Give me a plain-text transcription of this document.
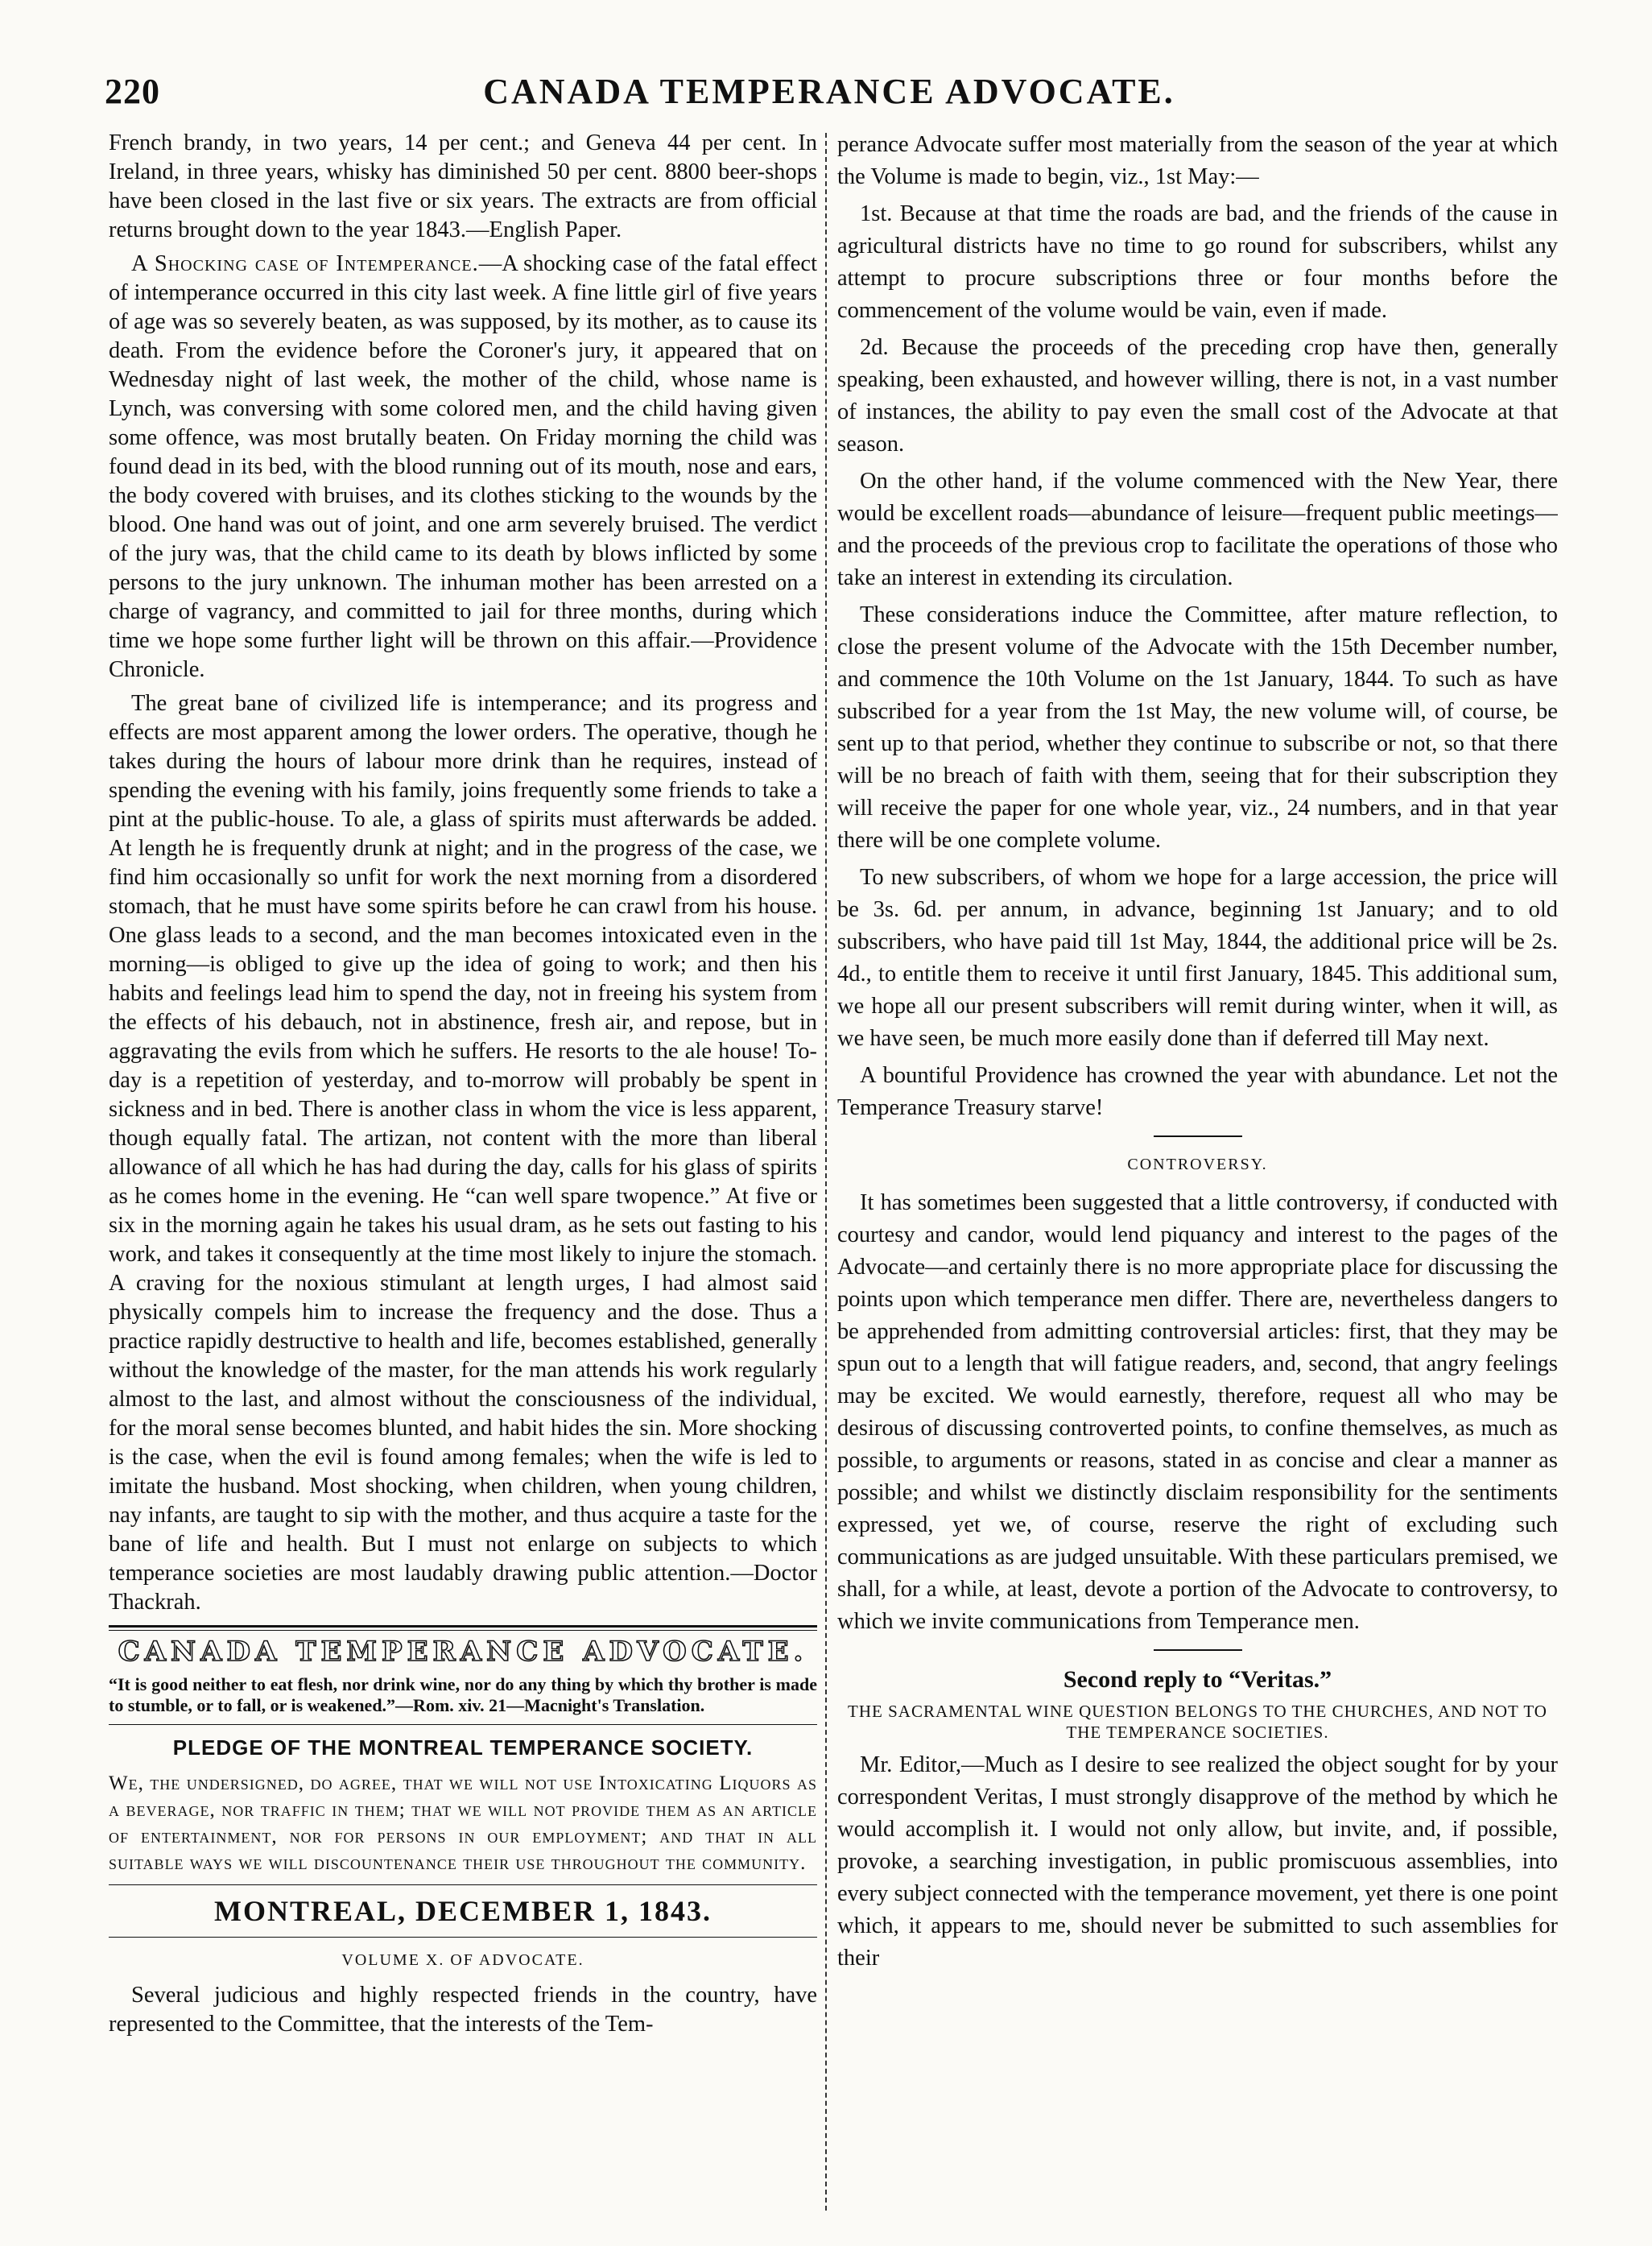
220	CANADA TEMPERANCE ADVOCATE.

French brandy, in two years, 14 per cent.; and Geneva 44 per cent. In Ireland, in three years, whisky has diminished 50 per cent. 8800 beer-shops have been closed in the last five or six years. The extracts are from official returns brought down to the year 1843.—English Paper.

A Shocking case of Intemperance.—A shocking case of the fatal effect of intemperance occurred in this city last week. A fine little girl of five years of age was so severely beaten, as was supposed, by its mother, as to cause its death. From the evidence before the Coroner's jury, it appeared that on Wednesday night of last week, the mother of the child, whose name is Lynch, was conversing with some colored men, and the child having given some offence, was most brutally beaten. On Friday morning the child was found dead in its bed, with the blood running out of its mouth, nose and ears, the body covered with bruises, and its clothes sticking to the wounds by the blood. One hand was out of joint, and one arm severely bruised. The verdict of the jury was, that the child came to its death by blows inflicted by some persons to the jury unknown. The inhuman mother has been arrested on a charge of vagrancy, and committed to jail for three months, during which time we hope some further light will be thrown on this affair.—Providence Chronicle.

The great bane of civilized life is intemperance; and its progress and effects are most apparent among the lower orders. The operative, though he takes during the hours of labour more drink than he requires, instead of spending the evening with his family, joins frequently some friends to take a pint at the public-house. To ale, a glass of spirits must afterwards be added. At length he is frequently drunk at night; and in the progress of the case, we find him occasionally so unfit for work the next morning from a disordered stomach, that he must have some spirits before he can crawl from his house. One glass leads to a second, and the man becomes intoxicated even in the morning—is obliged to give up the idea of going to work; and then his habits and feelings lead him to spend the day, not in freeing his system from the effects of his debauch, not in abstinence, fresh air, and repose, but in aggravating the evils from which he suffers. He resorts to the ale house! To-day is a repetition of yesterday, and to-morrow will probably be spent in sickness and in bed. There is another class in whom the vice is less apparent, though equally fatal. The artizan, not content with the more than liberal allowance of all which he has had during the day, calls for his glass of spirits as he comes home in the evening. He “can well spare twopence.” At five or six in the morning again he takes his usual dram, as he sets out fasting to his work, and takes it consequently at the time most likely to injure the stomach. A craving for the noxious stimulant at length urges, I had almost said physically compels him to increase the frequency and the dose. Thus a practice rapidly destructive to health and life, becomes established, generally without the knowledge of the master, for the man attends his work regularly almost to the last, and almost without the consciousness of the individual, for the moral sense becomes blunted, and habit hides the sin. More shocking is the case, when the evil is found among females; when the wife is led to imitate the husband. Most shocking, when children, when young children, nay infants, are taught to sip with the mother, and thus acquire a taste for the bane of life and health. But I must not enlarge on subjects to which temperance societies are most laudably drawing public attention.—Doctor Thackrah.

CANADA TEMPERANCE ADVOCATE.
“It is good neither to eat flesh, nor drink wine, nor do any thing by which thy brother is made to stumble, or to fall, or is weakened.”—Rom. xiv. 21—Macnight's Translation.
PLEDGE OF THE MONTREAL TEMPERANCE SOCIETY.
We, the undersigned, do agree, that we will not use Intoxicating Liquors as a beverage, nor traffic in them; that we will not provide them as an article of entertainment, nor for persons in our employment; and that in all suitable ways we will discountenance their use throughout the community.
MONTREAL, DECEMBER 1, 1843.
VOLUME X. OF ADVOCATE.

Several judicious and highly respected friends in the country, have represented to the Committee, that the interests of the Tem-

perance Advocate suffer most materially from the season of the year at which the Volume is made to begin, viz., 1st May:—

1st. Because at that time the roads are bad, and the friends of the cause in agricultural districts have no time to go round for subscribers, whilst any attempt to procure subscriptions three or four months before the commencement of the volume would be vain, even if made.

2d. Because the proceeds of the preceding crop have then, generally speaking, been exhausted, and however willing, there is not, in a vast number of instances, the ability to pay even the small cost of the Advocate at that season.

On the other hand, if the volume commenced with the New Year, there would be excellent roads—abundance of leisure—frequent public meetings—and the proceeds of the previous crop to facilitate the operations of those who take an interest in extending its circulation.

These considerations induce the Committee, after mature reflection, to close the present volume of the Advocate with the 15th December number, and commence the 10th Volume on the 1st January, 1844. To such as have subscribed for a year from the 1st May, the new volume will, of course, be sent up to that period, whether they continue to subscribe or not, so that there will be no breach of faith with them, seeing that for their subscription they will receive the paper for one whole year, viz., 24 numbers, and in that year there will be one complete volume.

To new subscribers, of whom we hope for a large accession, the price will be 3s. 6d. per annum, in advance, beginning 1st January; and to old subscribers, who have paid till 1st May, 1844, the additional price will be 2s. 4d., to entitle them to receive it until first January, 1845. This additional sum, we hope all our present subscribers will remit during winter, when it will, as we have seen, be much more easily done than if deferred till May next.

A bountiful Providence has crowned the year with abundance. Let not the Temperance Treasury starve!

CONTROVERSY.

It has sometimes been suggested that a little controversy, if conducted with courtesy and candor, would lend piquancy and interest to the pages of the Advocate—and certainly there is no more appropriate place for discussing the points upon which temperance men differ. There are, nevertheless dangers to be apprehended from admitting controversial articles: first, that they may be spun out to a length that will fatigue readers, and, second, that angry feelings may be excited. We would earnestly, therefore, request all who may be desirous of discussing controverted points, to confine themselves, as much as possible, to arguments or reasons, stated in as concise and clear a manner as possible; and whilst we distinctly disclaim responsibility for the sentiments expressed, yet we, of course, reserve the right of excluding such communications as are judged unsuitable. With these particulars premised, we shall, for a while, at least, devote a portion of the Advocate to controversy, to which we invite communications from Temperance men.

Second reply to “Veritas.”
THE SACRAMENTAL WINE QUESTION BELONGS TO THE CHURCHES, AND NOT TO THE TEMPERANCE SOCIETIES.

Mr. Editor,—Much as I desire to see realized the object sought for by your correspondent Veritas, I must strongly disapprove of the method by which he would accomplish it. I would not only allow, but invite, and, if possible, provoke, a searching investigation, in public promiscuous assemblies, into every subject connected with the temperance movement, yet there is one point which, it appears to me, should never be submitted to such assemblies for their
